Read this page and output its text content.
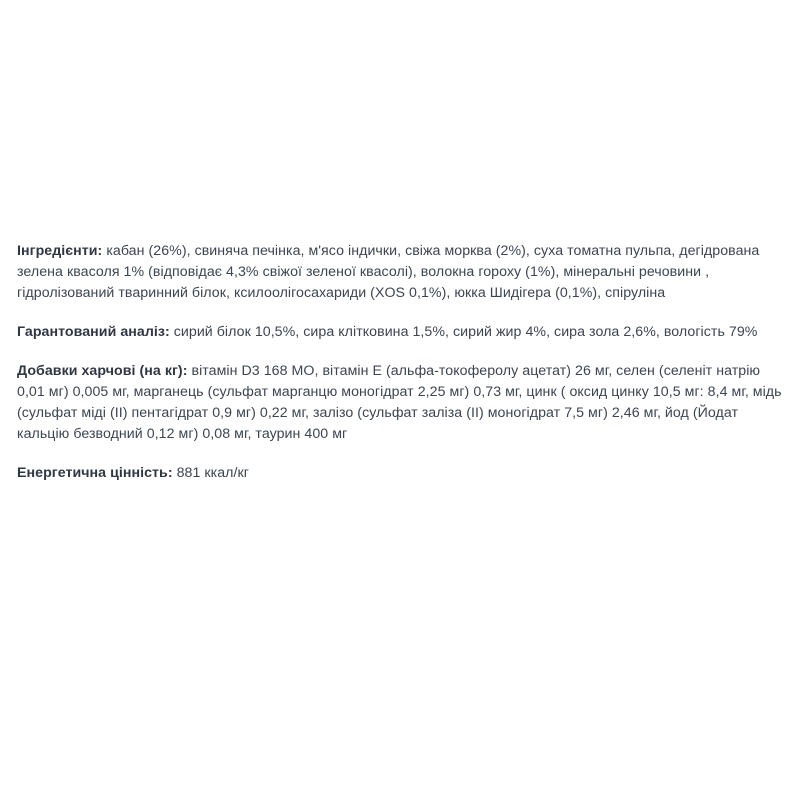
Інгредієнти: кабан (26%), свиняча печінка, м'ясо індички, свіжа морква (2%), суха томатна пульпа, дегідрована зелена квасоля 1% (відповідає 4,3% свіжої зеленої квасолі), волокна гороху (1%), мінеральні речовини , гідролізований тваринний білок, ксилоолігосахариди (XOS 0,1%), юкка Шидігера (0,1%), спіруліна

Гарантований аналіз: сирий білок 10,5%, сира клітковина 1,5%, сирий жир 4%, сира зола 2,6%, вологість 79%

Добавки харчові (на кг): вітамін D3 168 МО, вітамін Е (альфа-токоферолу ацетат) 26 мг, селен (селеніт натрію 0,01 мг) 0,005 мг, марганець (сульфат марганцю моногідрат 2,25 мг) 0,73 мг, цинк ( оксид цинку 10,5 мг: 8,4 мг, мідь (сульфат міді (II) пентагідрат 0,9 мг) 0,22 мг, залізо (сульфат заліза (II) моногідрат 7,5 мг) 2,46 мг, йод (Йодат кальцію безводний 0,12 мг) 0,08 мг, таурин 400 мг

Енергетична цінність: 881 ккал/кг
